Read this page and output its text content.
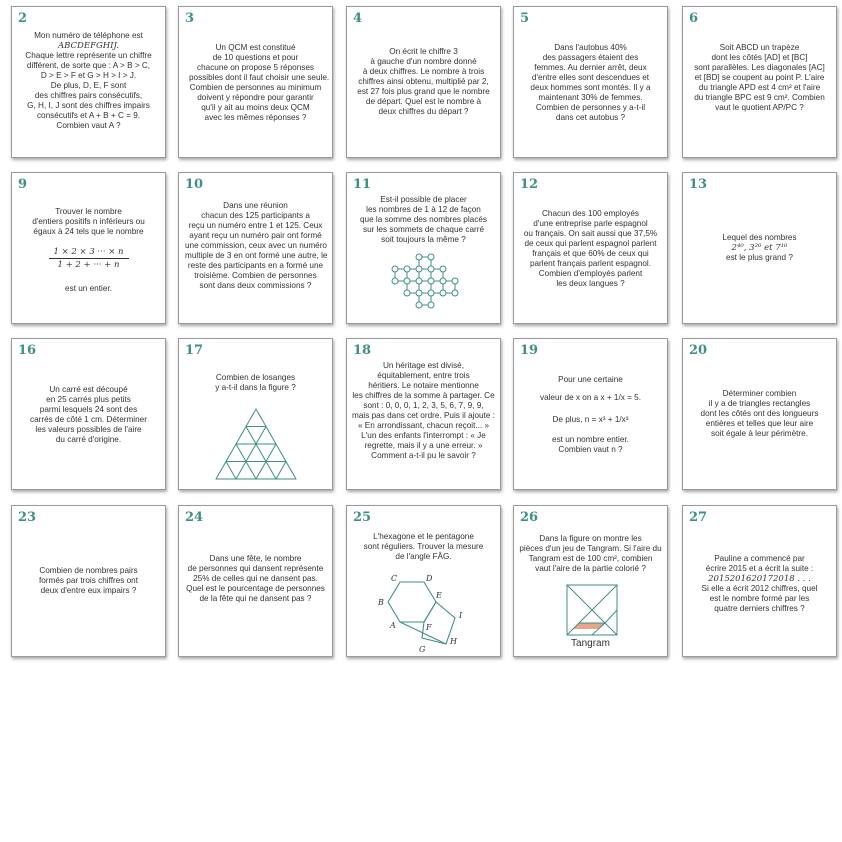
2
Mon numéro de téléphone est
ABCDEFGHIJ.
Chaque lettre représente un chiffre
différent, de sorte que : A > B > C,
D > E > F et G > H > I > J.
De plus, D, E, F sont
des chiffres pairs consécutifs,
G, H, I, J sont des chiffres impairs
consécutifs et A + B + C = 9.
Combien vaut A ?
3
Un QCM est constitué
de 10 questions et pour
chacune on propose 5 réponses
possibles dont il faut choisir une seule.
Combien de personnes au minimum
doivent y répondre pour garantir
qu'il y ait au moins deux QCM
avec les mêmes réponses ?
4
On écrit le chiffre 3
à gauche d'un nombre donné
à deux chiffres. Le nombre à trois
chiffres ainsi obtenu, multiplié par 2,
est 27 fois plus grand que le nombre
de départ. Quel est le nombre à
deux chiffres du départ ?
5
Dans l'autobus 40%
des passagers étaient des
femmes. Au dernier arrêt, deux
d'entre elles sont descendues et
deux hommes sont montés. Il y a
maintenant 30% de femmes.
Combien de personnes y a-t-il
dans cet autobus ?
6
Soit ABCD un trapèze
dont les côtés [AD] et [BC]
sont parallèles. Les diagonales [AC]
et [BD] se coupent au point P. L'aire
du triangle APD est 4 cm² et l'aire
du triangle BPC est 9 cm². Combien
vaut le quotient AP/PC ?
9
Trouver le nombre
d'entiers positifs n inférieurs ou
égaux à 24 tels que le nombre
1 × 2 × 3 ··· × n
1 + 2 + ··· + n
est un entier.
10
Dans une réunion
chacun des 125 participants a
reçu un numéro entre 1 et 125. Ceux
ayant reçu un numéro pair ont formé
une commission, ceux avec un numéro
multiple de 3 en ont formé une autre, le
reste des participants en a formé une
troisième. Combien de personnes
sont dans deux commissions ?
11
Est-il possible de placer
les nombres de 1 à 12 de façon
que la somme des nombres placés
sur les sommets de chaque carré
soit toujours la même ?
12
Chacun des 100 employés
d'une entreprise parle espagnol
ou français. On sait aussi que 37,5%
de ceux qui parlent espagnol parlent
français et que 60% de ceux qui
parlent français parlent espagnol.
Combien d'employés parlent
les deux langues ?
13
Lequel des nombres
2⁴⁰, 3²⁰ et 7¹⁰
est le plus grand ?
16
Un carré est découpé
en 25 carrés plus petits
parmi lesquels 24 sont des
carrés de côté 1 cm. Déterminer
les valeurs possibles de l'aire
du carré d'origine.
17
Combien de losanges
y a-t-il dans la figure ?
18
Un héritage est divisé,
équitablement, entre trois
héritiers. Le notaire mentionne
les chiffres de la somme à partager. Ce
sont : 0, 0, 0, 1, 2, 3, 5, 6, 7, 9, 9,
mais pas dans cet ordre. Puis il ajoute :
« En arrondissant, chacun reçoit... »
L'un des enfants l'interrompt : « Je
regrette, mais il y a une erreur. »
Comment a-t-il pu le savoir ?
19
Pour une certaine
valeur de x on a x + 1/x = 5.
De plus, n = x³ + 1/x³
est un nombre entier.
Combien vaut n ?
20
Déterminer combien
il y a de triangles rectangles
dont les côtés ont des longueurs
entières et telles que leur aire
soit égale à leur périmètre.
23
Combien de nombres pairs
formés par trois chiffres ont
deux d'entre eux impairs ?
24
Dans une fête, le nombre
de personnes qui dansent représente
25% de celles qui ne dansent pas.
Quel est le pourcentage de personnes
de la fête qui ne dansent pas ?
25
L'hexagone et le pentagone
sont réguliers. Trouver la mesure
de l'angle FÂG.
C	D
B
E
I
A	F
H
G
26
Dans la figure on montre les
pièces d'un jeu de Tangram. Si l'aire du
Tangram est de 100 cm², combien
vaut l'aire de la partie colorié ?
Tangram
27
Pauline a commencé par
écrire 2015 et a écrit la suite :
2015201620172018 . . .
Si elle a écrit 2012 chiffres, quel
est le nombre formé par les
quatre derniers chiffres ?
